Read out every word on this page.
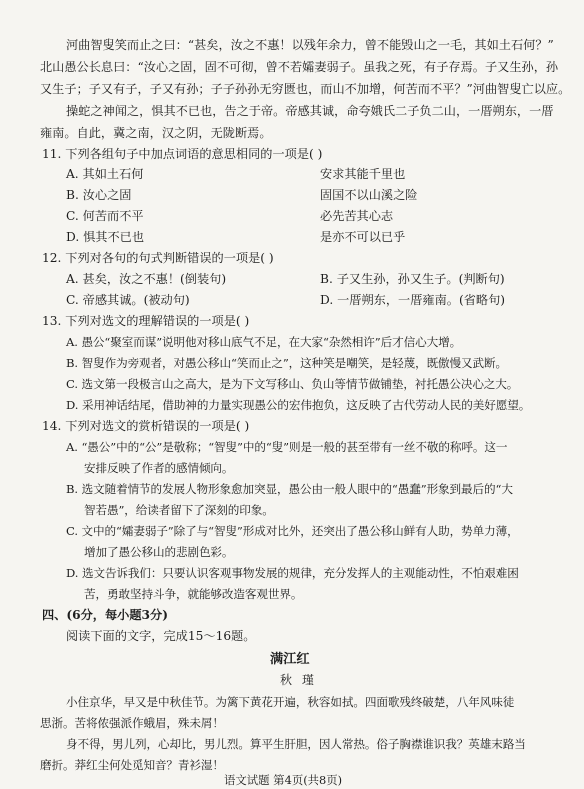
河曲智叟笑而止之曰：“甚矣，汝之不惠！以残年余力，曾不能毁山之一毛，其如土石何？”
北山愚公长息曰：“汝心之固，固不可彻，曾不若孀妻弱子。虽我之死，有子存焉。子又生孙，孙
又生子；子又有子，子又有孙；子子孙孙无穷匮也，而山不加增，何苦而不平？”河曲智叟亡以应。
操蛇之神闻之，惧其不已也，告之于帝。帝感其诚，命夸娥氏二子负二山，一厝朔东，一厝
雍南。自此，冀之南，汉之阴，无陇断焉。
11. 下列各组句子中加点词语的意思相同的一项是( )
A. 其如土石何	安求其能千里也
B. 汝心之固	固国不以山溪之险
C. 何苦而不平	必先苦其心志
D. 惧其不已也	是亦不可以已乎
12. 下列对各句的句式判断错误的一项是( )
A. 甚矣，汝之不惠！(倒装句)	B. 子又生孙，孙又生子。(判断句)
C. 帝感其诚。(被动句)	D. 一厝朔东，一厝雍南。(省略句)
13. 下列对选文的理解错误的一项是( )
A. 愚公“聚室而谋”说明他对移山底气不足，在大家“杂然相许”后才信心大增。
B. 智叟作为旁观者，对愚公移山“笑而止之”，这种笑是嘲笑，是轻蔑，既傲慢又武断。
C. 选文第一段极言山之高大，是为下文写移山、负山等情节做铺垫，衬托愚公决心之大。
D. 采用神话结尾，借助神的力量实现愚公的宏伟抱负，这反映了古代劳动人民的美好愿望。
14. 下列对选文的赏析错误的一项是( )
A. “愚公”中的“公”是敬称；“智叟”中的“叟”则是一般的甚至带有一丝不敬的称呼。这一
安排反映了作者的感情倾向。
B. 选文随着情节的发展人物形象愈加突显，愚公由一般人眼中的“愚蠢”形象到最后的“大
智若愚”，给读者留下了深刻的印象。
C. 文中的“孀妻弱子”除了与“智叟”形成对比外，还突出了愚公移山鲜有人助，势单力薄，
增加了愚公移山的悲剧色彩。
D. 选文告诉我们：只要认识客观事物发展的规律，充分发挥人的主观能动性，不怕艰难困
苦，勇敢坚持斗争，就能够改造客观世界。
四、(6分，每小题3分)
阅读下面的文字，完成15～16题。
满江红
秋瑾
小住京华，早又是中秋佳节。为篱下黄花开遍，秋容如拭。四面歌残终破楚，八年风味徒
思浙。苦将侬强派作蛾眉，殊未屑！
身不得，男儿列，心却比，男儿烈。算平生肝胆，因人常热。俗子胸襟谁识我？英雄末路当
磨折。莽红尘何处觅知音？青衫湿！
语文试题 第4页(共8页)
